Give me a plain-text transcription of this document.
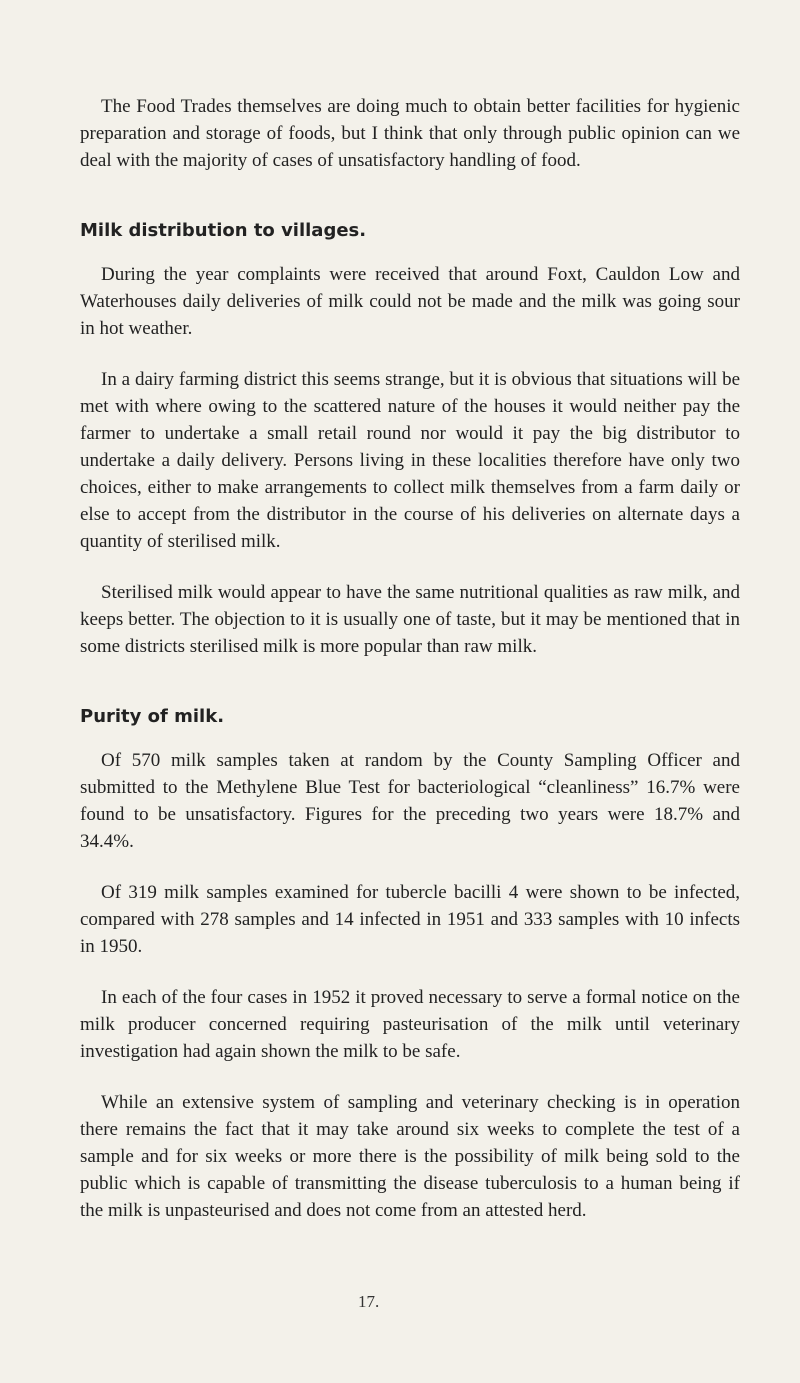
The Food Trades themselves are doing much to obtain better facilities for hygienic preparation and storage of foods, but I think that only through public opinion can we deal with the majority of cases of unsatisfactory handling of food.

Milk distribution to villages.

During the year complaints were received that around Foxt, Cauldon Low and Waterhouses daily deliveries of milk could not be made and the milk was going sour in hot weather.

In a dairy farming district this seems strange, but it is obvious that situations will be met with where owing to the scattered nature of the houses it would neither pay the farmer to undertake a small retail round nor would it pay the big distributor to undertake a daily delivery. Persons living in these localities therefore have only two choices, either to make arrangements to collect milk themselves from a farm daily or else to accept from the distributor in the course of his deliveries on alternate days a quantity of sterilised milk.

Sterilised milk would appear to have the same nutritional qualities as raw milk, and keeps better. The objection to it is usually one of taste, but it may be mentioned that in some districts sterilised milk is more popular than raw milk.

Purity of milk.

Of 570 milk samples taken at random by the County Sampling Officer and submitted to the Methylene Blue Test for bacteriological “cleanliness” 16.7% were found to be unsatisfactory. Figures for the preceding two years were 18.7% and 34.4%.

Of 319 milk samples examined for tubercle bacilli 4 were shown to be infected, compared with 278 samples and 14 infected in 1951 and 333 samples with 10 infects in 1950.

In each of the four cases in 1952 it proved necessary to serve a formal notice on the milk producer concerned requiring pasteurisation of the milk until veterinary investigation had again shown the milk to be safe.

While an extensive system of sampling and veterinary checking is in operation there remains the fact that it may take around six weeks to complete the test of a sample and for six weeks or more there is the possibility of milk being sold to the public which is capable of transmitting the disease tuberculosis to a human being if the milk is unpasteurised and does not come from an attested herd.

17.
